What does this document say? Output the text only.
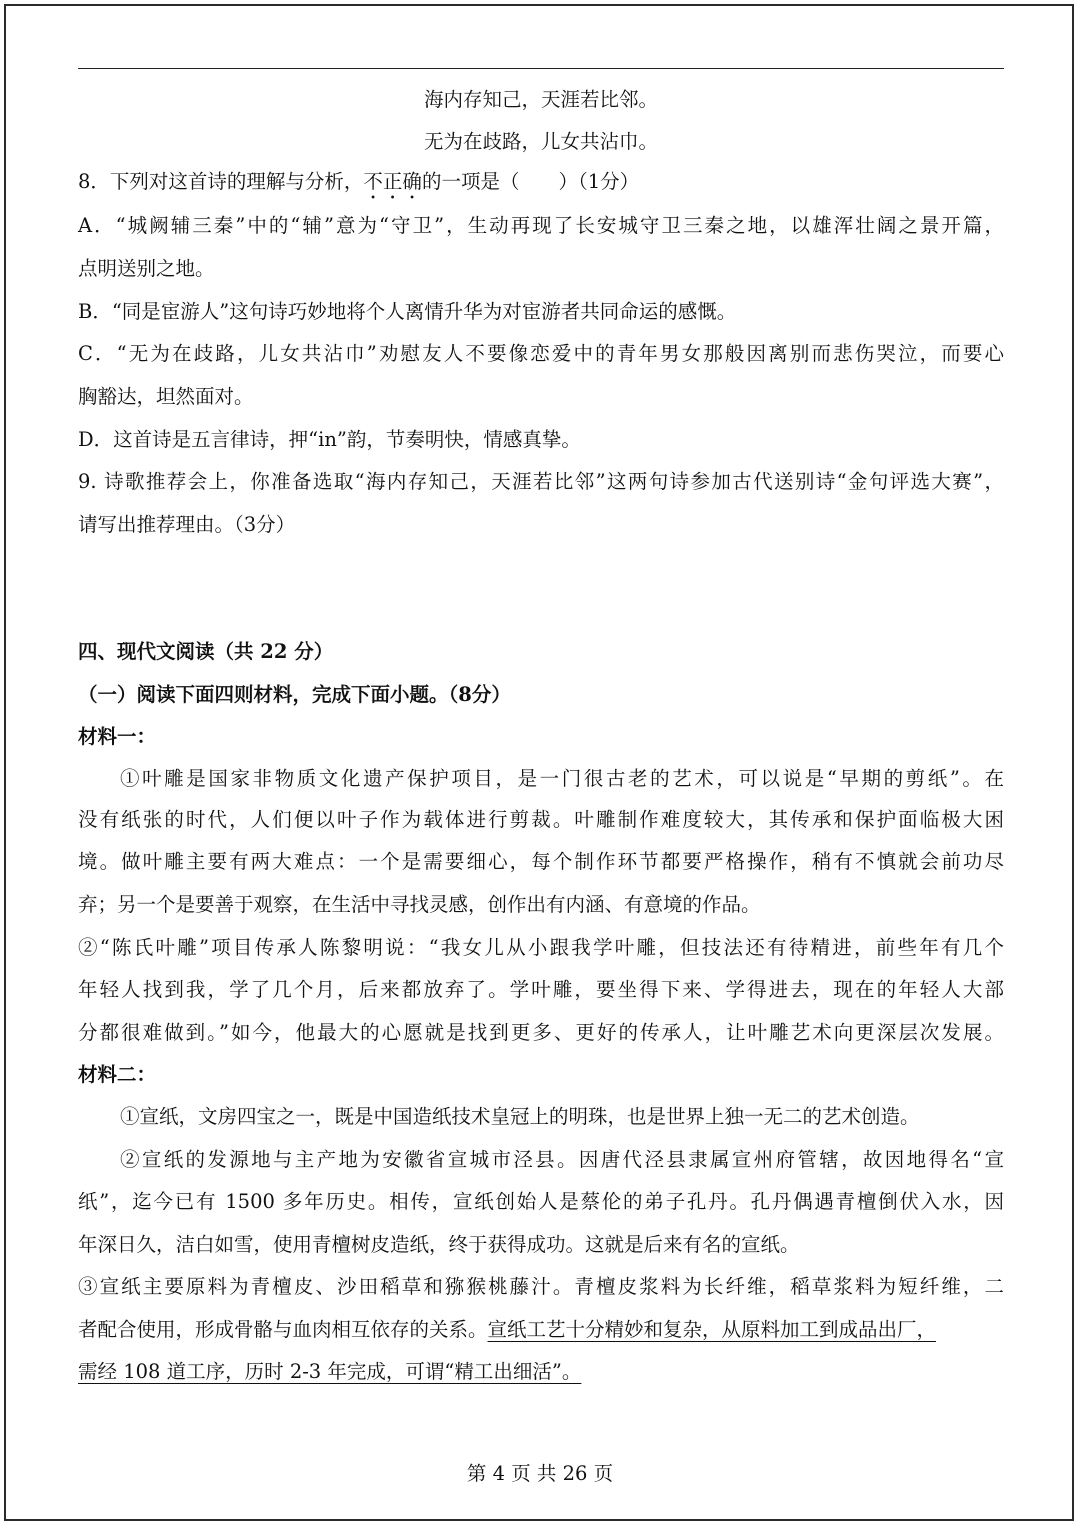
海内存知己，天涯若比邻。
无为在歧路，儿女共沾巾。
8．下列对这首诗的理解与分析，不正确的一项是（　　）（1分）
A．“城阙辅三秦”中的“辅”意为“守卫”，生动再现了长安城守卫三秦之地，以雄浑壮阔之景开篇，
点明送别之地。
B．“同是宦游人”这句诗巧妙地将个人离情升华为对宦游者共同命运的感慨。
C．“无为在歧路，儿女共沾巾”劝慰友人不要像恋爱中的青年男女那般因离别而悲伤哭泣，而要心
胸豁达，坦然面对。
D．这首诗是五言律诗，押“in”韵，节奏明快，情感真挚。
9. 诗歌推荐会上，你准备选取“海内存知己，天涯若比邻”这两句诗参加古代送别诗“金句评选大赛”，
请写出推荐理由。（3分）
四、现代文阅读（共 22 分）
（一）阅读下面四则材料，完成下面小题。（8分）
材料一：
①叶雕是国家非物质文化遗产保护项目，是一门很古老的艺术，可以说是“早期的剪纸”。在
没有纸张的时代，人们便以叶子作为载体进行剪裁。叶雕制作难度较大，其传承和保护面临极大困
境。做叶雕主要有两大难点：一个是需要细心，每个制作环节都要严格操作，稍有不慎就会前功尽
弃；另一个是要善于观察，在生活中寻找灵感，创作出有内涵、有意境的作品。
②“陈氏叶雕”项目传承人陈黎明说：“我女儿从小跟我学叶雕，但技法还有待精进，前些年有几个
年轻人找到我，学了几个月，后来都放弃了。学叶雕，要坐得下来、学得进去，现在的年轻人大部
分都很难做到。”如今，他最大的心愿就是找到更多、更好的传承人，让叶雕艺术向更深层次发展。
材料二：
①宣纸，文房四宝之一，既是中国造纸技术皇冠上的明珠，也是世界上独一无二的艺术创造。
②宣纸的发源地与主产地为安徽省宣城市泾县。因唐代泾县隶属宣州府管辖，故因地得名“宣
纸”，迄今已有 1500 多年历史。相传，宣纸创始人是蔡伦的弟子孔丹。孔丹偶遇青檀倒伏入水，因
年深日久，洁白如雪，使用青檀树皮造纸，终于获得成功。这就是后来有名的宣纸。
③宣纸主要原料为青檀皮、沙田稻草和猕猴桃藤汁。青檀皮浆料为长纤维，稻草浆料为短纤维，二
者配合使用，形成骨骼与血肉相互依存的关系。宣纸工艺十分精妙和复杂，从原料加工到成品出厂，
需经 108 道工序，历时 2-3 年完成，可谓“精工出细活”。
第 4 页 共 26 页
